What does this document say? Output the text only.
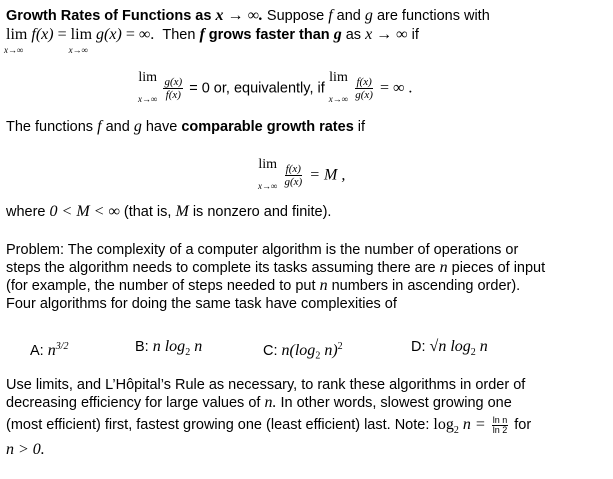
Growth Rates of Functions as x → ∞. Suppose f and g are functions with
lim
x→∞
f(x) = lim
x→∞
g(x) = ∞. Then f grows faster than g as x → ∞ if
lim
x→∞
$\frac{g(x)}{f(x)} = 0$ or, equivalently, if
lim
x→∞
$\frac{f(x)}{g(x)}$ = ∞ .
The functions f and g have comparable growth rates if
lim
x→∞
$\frac{f(x)}{g(x)} = M$ ,
where 0 < M < ∞ (that is, M is nonzero and finite).
Problem: The complexity of a computer algorithm is the number of operations or
steps the algorithm needs to complete its tasks assuming there are n pieces of input
(for example, the number of steps needed to put n numbers in ascending order).
Four algorithms for doing the same task have complexities of
A: $n^{3/2}$	B: n $\log_2 n$	C: $n(\log_2$ n)$^2$	D: √n $\log_2 n$
Use limits, and L’Hôpital’s Rule as necessary, to rank these algorithms in order of
decreasing efficiency for large values of n. In other words, slowest growing one
(most efficient) first, fastest growing one (least efficient) last. Note: $\log_2 n = \frac{\text{ln n}}{\ln 2}$ for
n > 0.
